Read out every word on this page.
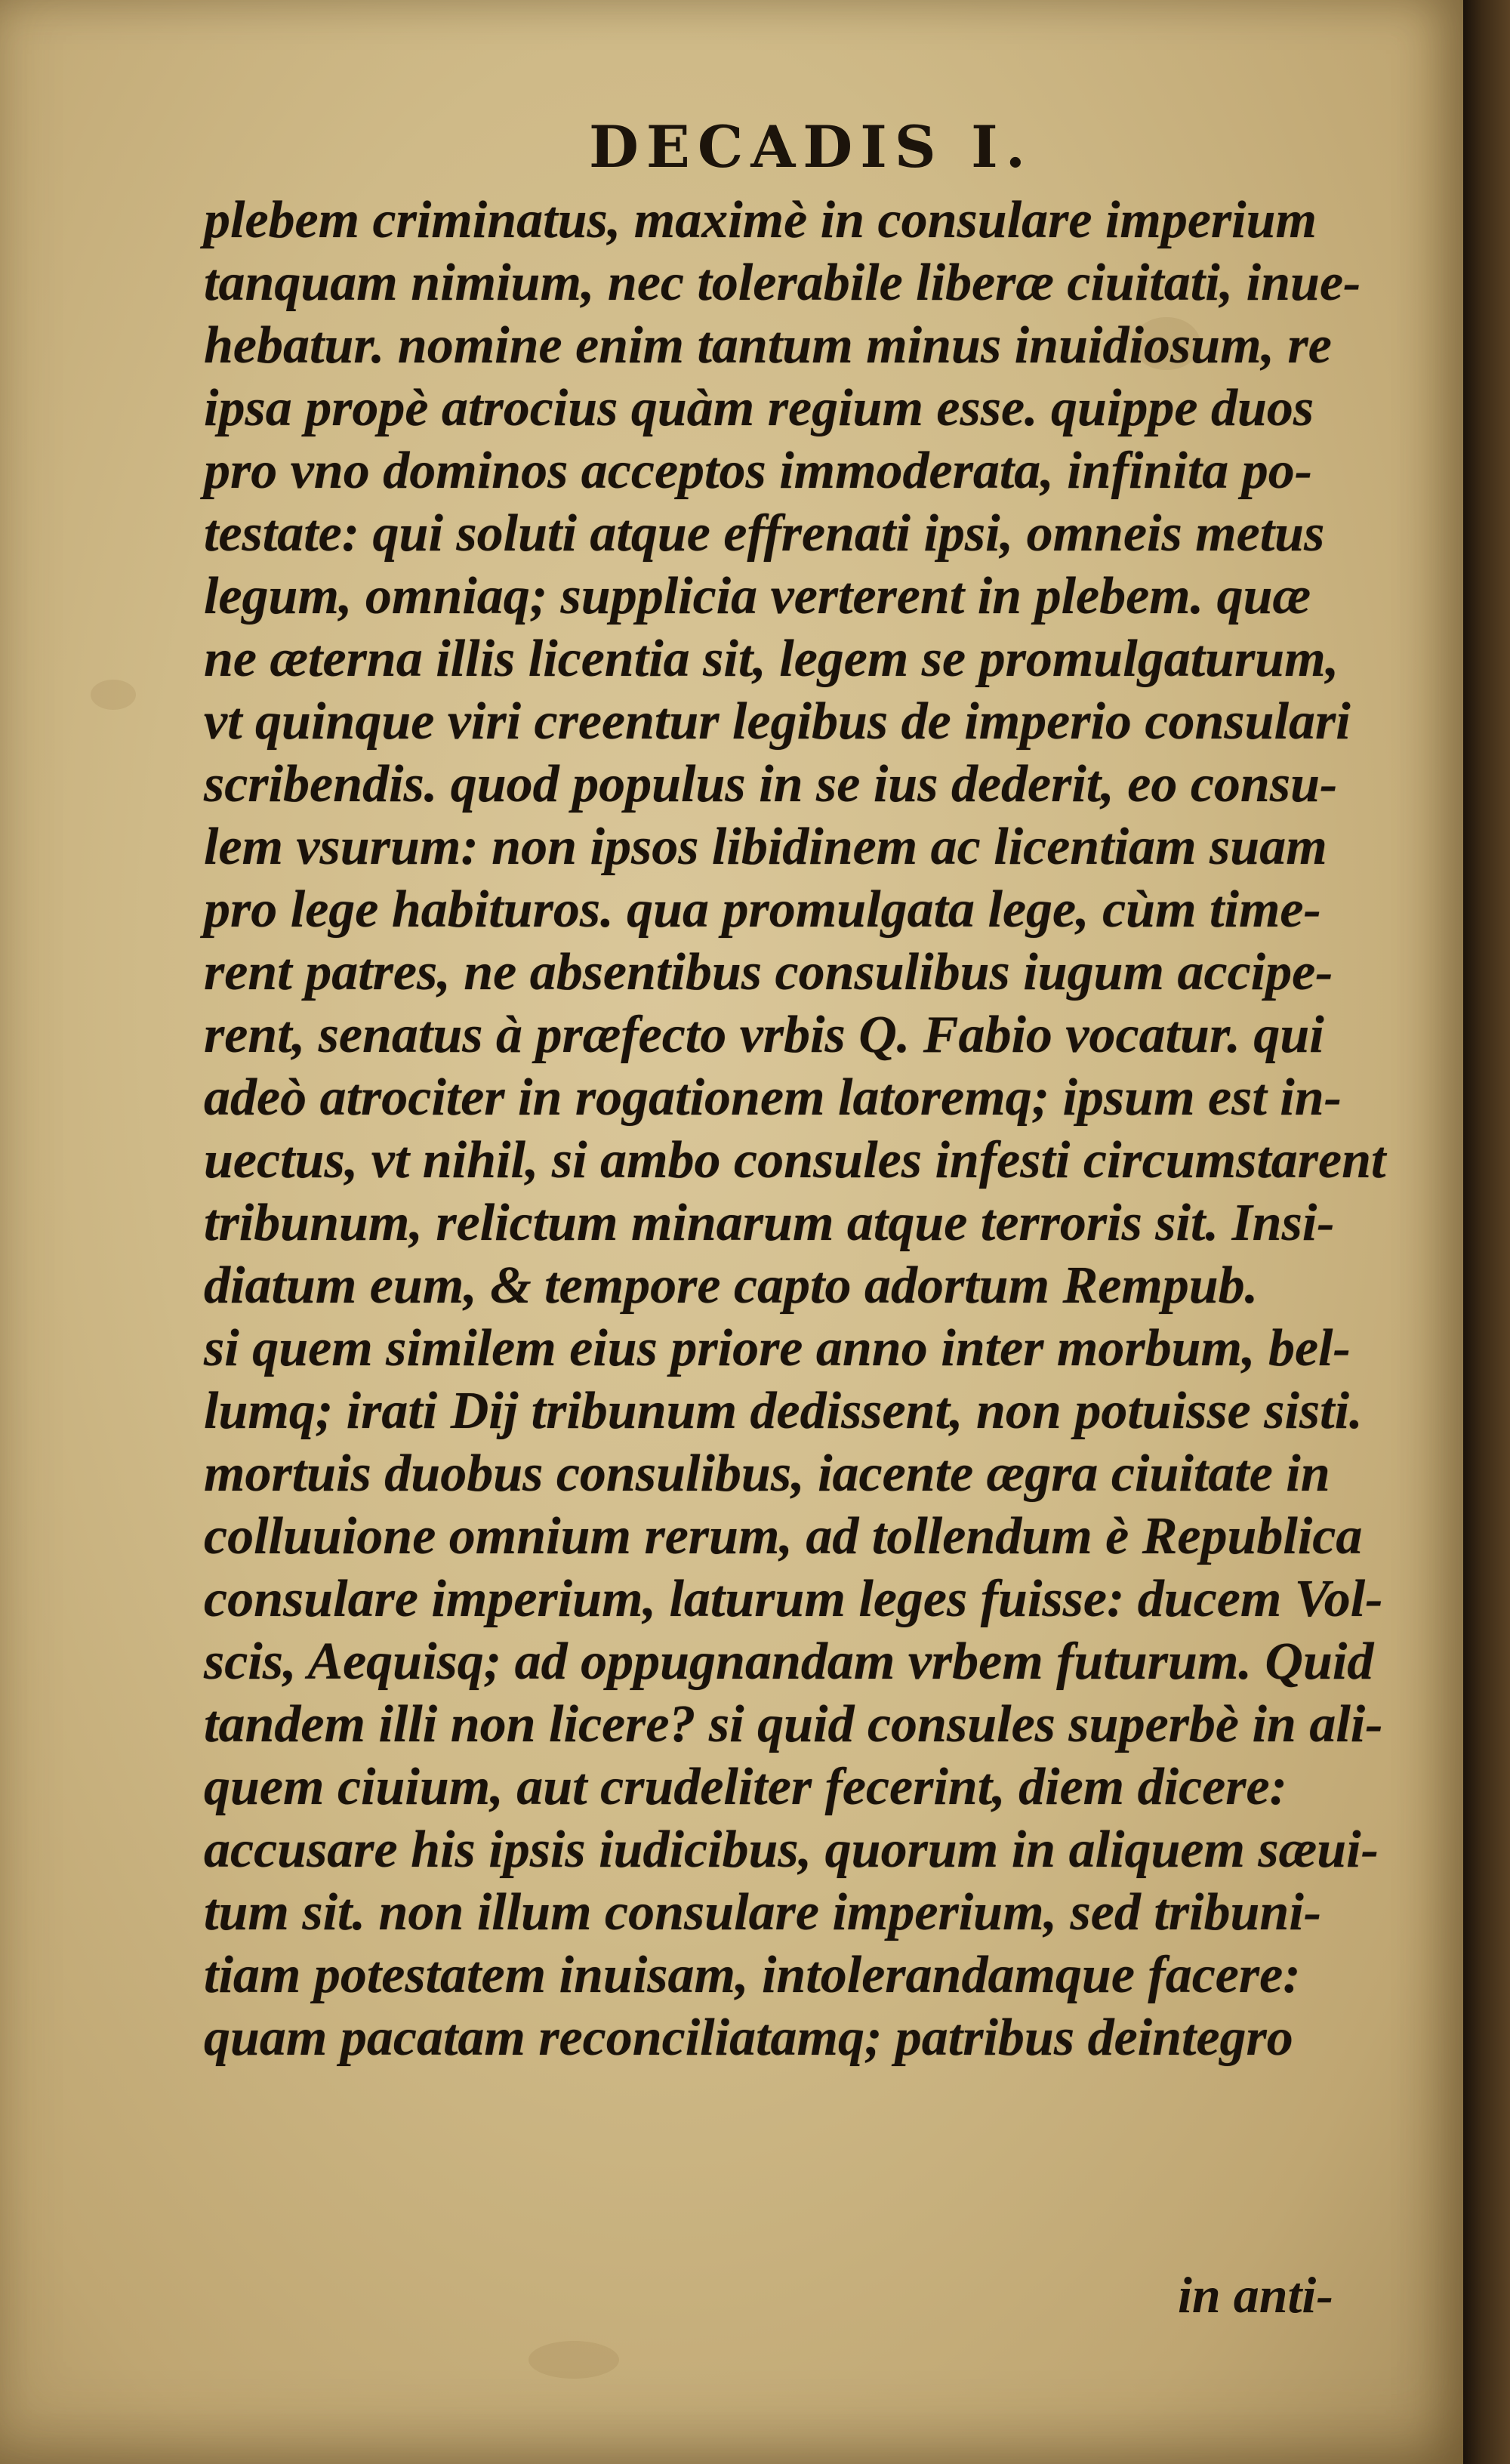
DECADIS I.
plebem criminatus, maximè in consulare imperium
tanquam nimium, nec tolerabile liberæ ciuitati, inue-
hebatur. nomine enim tantum minus inuidiosum, re
ipsa propè atrocius quàm regium esse. quippe duos
pro vno dominos acceptos immoderata, infinita po-
testate: qui soluti atque effrenati ipsi, omneis metus
legum, omniaq; supplicia verterent in plebem. quæ
ne æterna illis licentia sit, legem se promulgaturum,
vt quinque viri creentur legibus de imperio consulari
scribendis. quod populus in se ius dederit, eo consu-
lem vsurum: non ipsos libidinem ac licentiam suam
pro lege habituros. qua promulgata lege, cùm time-
rent patres, ne absentibus consulibus iugum accipe-
rent, senatus à præfecto vrbis Q. Fabio vocatur. qui
adeò atrociter in rogationem latoremq; ipsum est in-
uectus, vt nihil, si ambo consules infesti circumstarent
tribunum, relictum minarum atque terroris sit. Insi-
diatum eum, & tempore capto adortum Rempub.
si quem similem eius priore anno inter morbum, bel-
lumq; irati Dij tribunum dedissent, non potuisse sisti.
mortuis duobus consulibus, iacente ægra ciuitate in
colluuione omnium rerum, ad tollendum è Republica
consulare imperium, laturum leges fuisse: ducem Vol-
scis, Aequisq; ad oppugnandam vrbem futurum. Quid
tandem illi non licere? si quid consules superbè in ali-
quem ciuium, aut crudeliter fecerint, diem dicere:
accusare his ipsis iudicibus, quorum in aliquem sæui-
tum sit. non illum consulare imperium, sed tribuni-
tiam potestatem inuisam, intolerandamque facere:
quam pacatam reconciliatamq; patribus deintegro
in anti-
